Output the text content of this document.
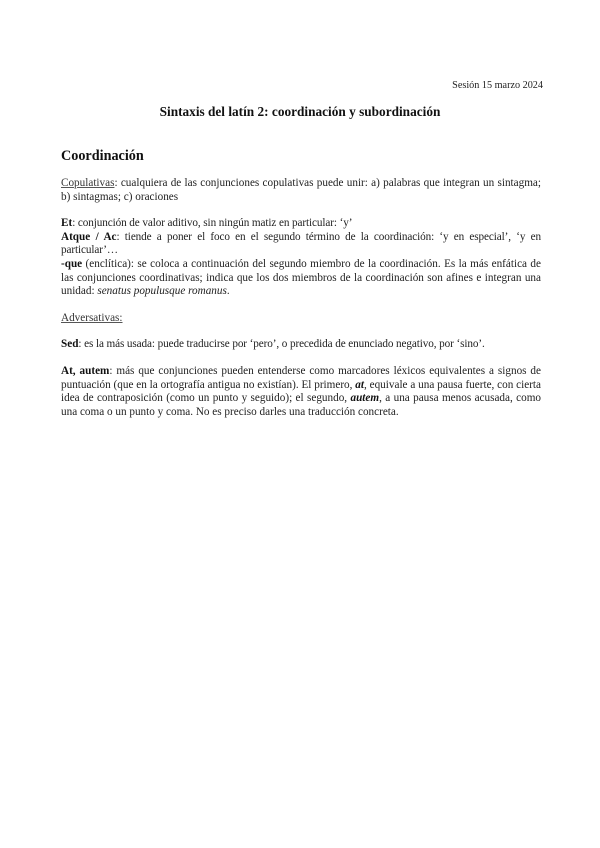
Sesión 15 marzo 2024
Sintaxis del latín 2: coordinación y subordinación
Coordinación

Copulativas: cualquiera de las conjunciones copulativas puede unir: a) palabras que integran un sintagma; b) sintagmas; c) oraciones

Et: conjunción de valor aditivo, sin ningún matiz en particular: ‘y’

Atque / Ac: tiende a poner el foco en el segundo término de la coordinación: ‘y en especial’, ‘y en particular’…

-que (enclítica): se coloca a continuación del segundo miembro de la coordinación. Es la más enfática de las conjunciones coordinativas; indica que los dos miembros de la coordinación son afines e integran una unidad: senatus populusque romanus.

Adversativas:

Sed: es la más usada: puede traducirse por ‘pero’, o precedida de enunciado negativo, por ‘sino’.

At, autem: más que conjunciones pueden entenderse como marcadores léxicos equivalentes a signos de puntuación (que en la ortografía antigua no existían). El primero, at, equivale a una pausa fuerte, con cierta idea de contraposición (como un punto y seguido); el segundo, autem, a una pausa menos acusada, como una coma o un punto y coma. No es preciso darles una traducción concreta.
